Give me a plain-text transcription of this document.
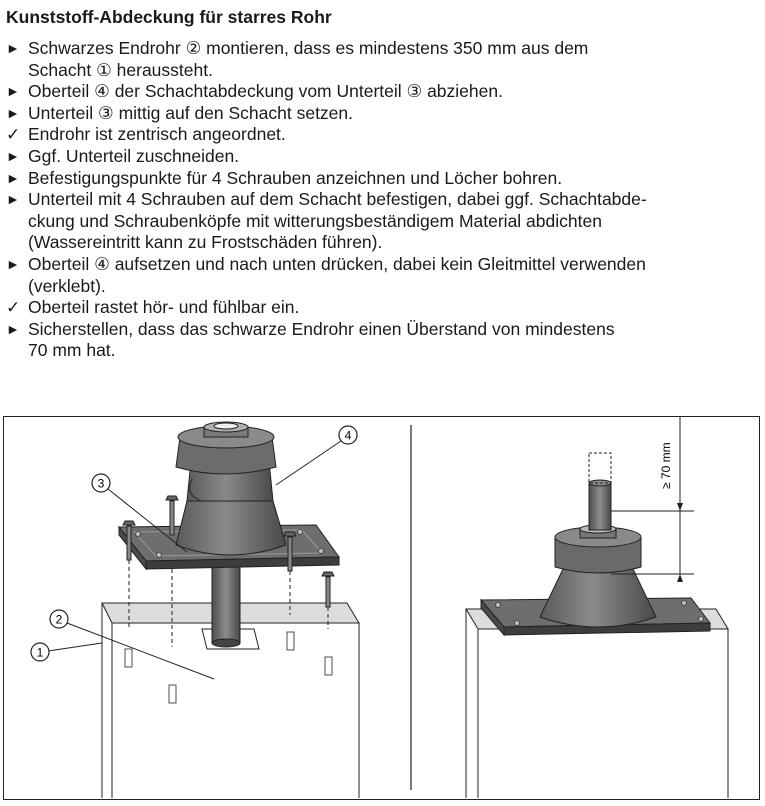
Kunststoff-Abdeckung für starres Rohr
► Schwarzes Endrohr ② montieren, dass es mindestens 350 mm aus dem
Schacht ① heraussteht.
► Oberteil ④ der Schachtabdeckung vom Unterteil ③ abziehen.
► Unterteil ③ mittig auf den Schacht setzen.
✓ Endrohr ist zentrisch angeordnet.
► Ggf. Unterteil zuschneiden.
► Befestigungspunkte für 4 Schrauben anzeichnen und Löcher bohren.
► Unterteil mit 4 Schrauben auf dem Schacht befestigen, dabei ggf. Schachtabde-
ckung und Schraubenköpfe mit witterungsbeständigem Material abdichten
(Wassereintritt kann zu Frostschäden führen).
► Oberteil ④ aufsetzen und nach unten drücken, dabei kein Gleitmittel verwenden
(verklebt).
✓ Oberteil rastet hör- und fühlbar ein.
► Sicherstellen, dass das schwarze Endrohr einen Überstand von mindestens
70 mm hat.
1
2
3
4
≥ 70 mm
